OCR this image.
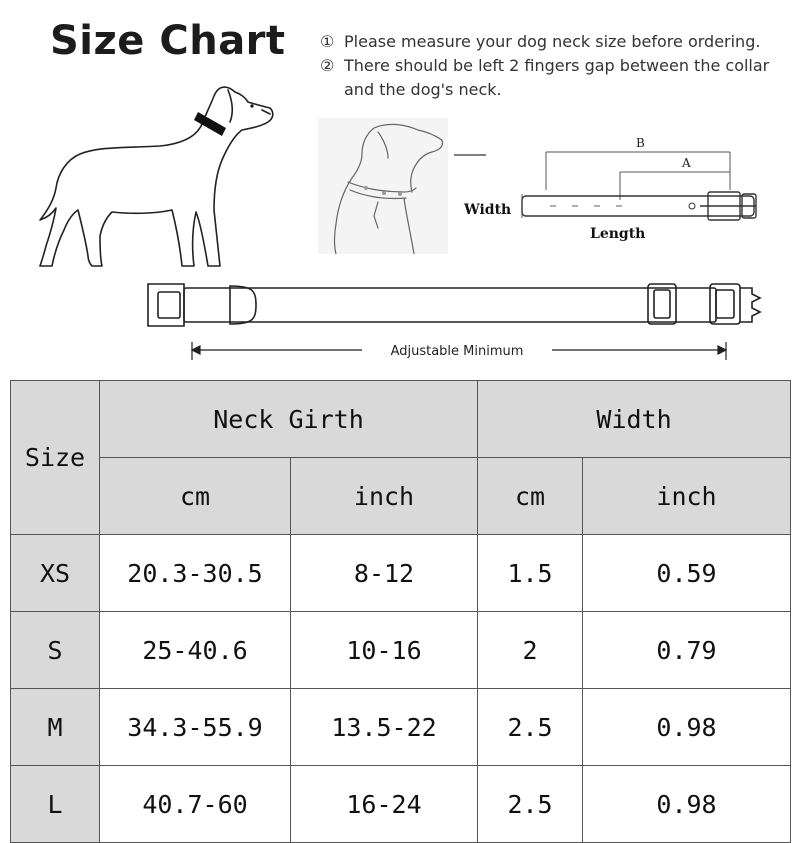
Size Chart ① Please measure your dog neck size before ordering.
② There should be left 2 fingers gap between the collar and the dog's neck.
B
A
Width
Length
Adjustable Minimum
Size	Neck Girth		Width	
	cm	inch	cm	inch
XS	20.3-30.5	8-12	1.5	0.59
S	25-40.6	10-16	2	0.79
M	34.3-55.9	13.5-22	2.5	0.98
L	40.7-60	16-24	2.5	0.98
